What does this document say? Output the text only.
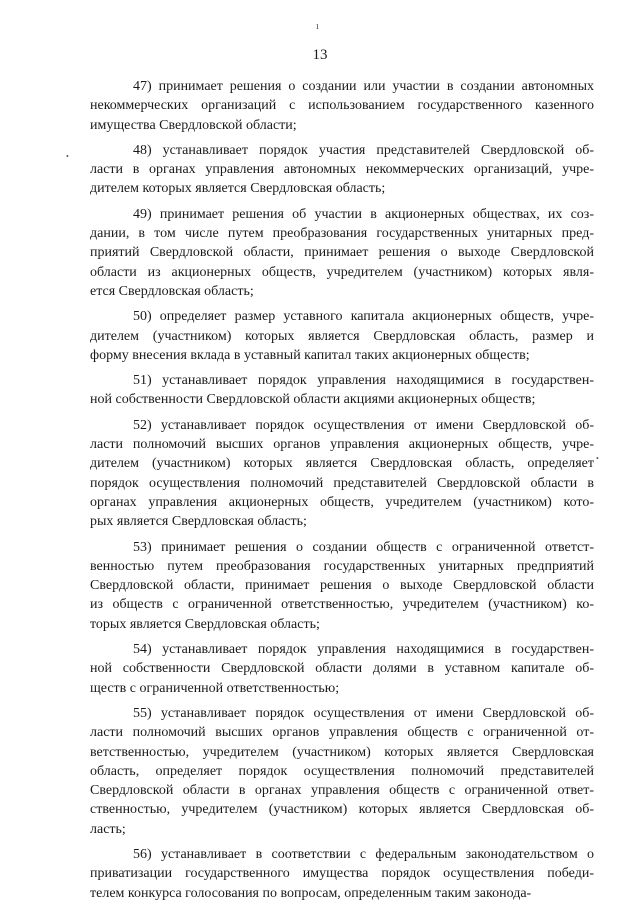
ı
•
•
13

47) принимает решения о создании или участии в создании автономных
некоммерческих организаций с использованием государственного казенного
имущества Свердловской области;

48) устанавливает порядок участия представителей Свердловской об-
ласти в органах управления автономных некоммерческих организаций, учре-
дителем которых является Свердловская область;

49) принимает решения об участии в акционерных обществах, их соз-
дании, в том числе путем преобразования государственных унитарных пред-
приятий Свердловской области, принимает решения о выходе Свердловской
области из акционерных обществ, учредителем (участником) которых явля-
ется Свердловская область;

50) определяет размер уставного капитала акционерных обществ, учре-
дителем (участником) которых является Свердловская область, размер и
форму внесения вклада в уставный капитал таких акционерных обществ;

51) устанавливает порядок управления находящимися в государствен-
ной собственности Свердловской области акциями акционерных обществ;

52) устанавливает порядок осуществления от имени Свердловской об-
ласти полномочий высших органов управления акционерных обществ, учре-
дителем (участником) которых является Свердловская область, определяет
порядок осуществления полномочий представителей Свердловской области в
органах управления акционерных обществ, учредителем (участником) кото-
рых является Свердловская область;

53) принимает решения о создании обществ с ограниченной ответст-
венностью путем преобразования государственных унитарных предприятий
Свердловской области, принимает решения о выходе Свердловской области
из обществ с ограниченной ответственностью, учредителем (участником) ко-
торых является Свердловская область;

54) устанавливает порядок управления находящимися в государствен-
ной собственности Свердловской области долями в уставном капитале об-
ществ с ограниченной ответственностью;

55) устанавливает порядок осуществления от имени Свердловской об-
ласти полномочий высших органов управления обществ с ограниченной от-
ветственностью, учредителем (участником) которых является Свердловская
область, определяет порядок осуществления полномочий представителей
Свердловской области в органах управления обществ с ограниченной ответ-
ственностью, учредителем (участником) которых является Свердловская об-
ласть;

56) устанавливает в соответствии с федеральным законодательством о
приватизации государственного имущества порядок осуществления победи-
телем конкурса голосования по вопросам, определенным таким законода-
